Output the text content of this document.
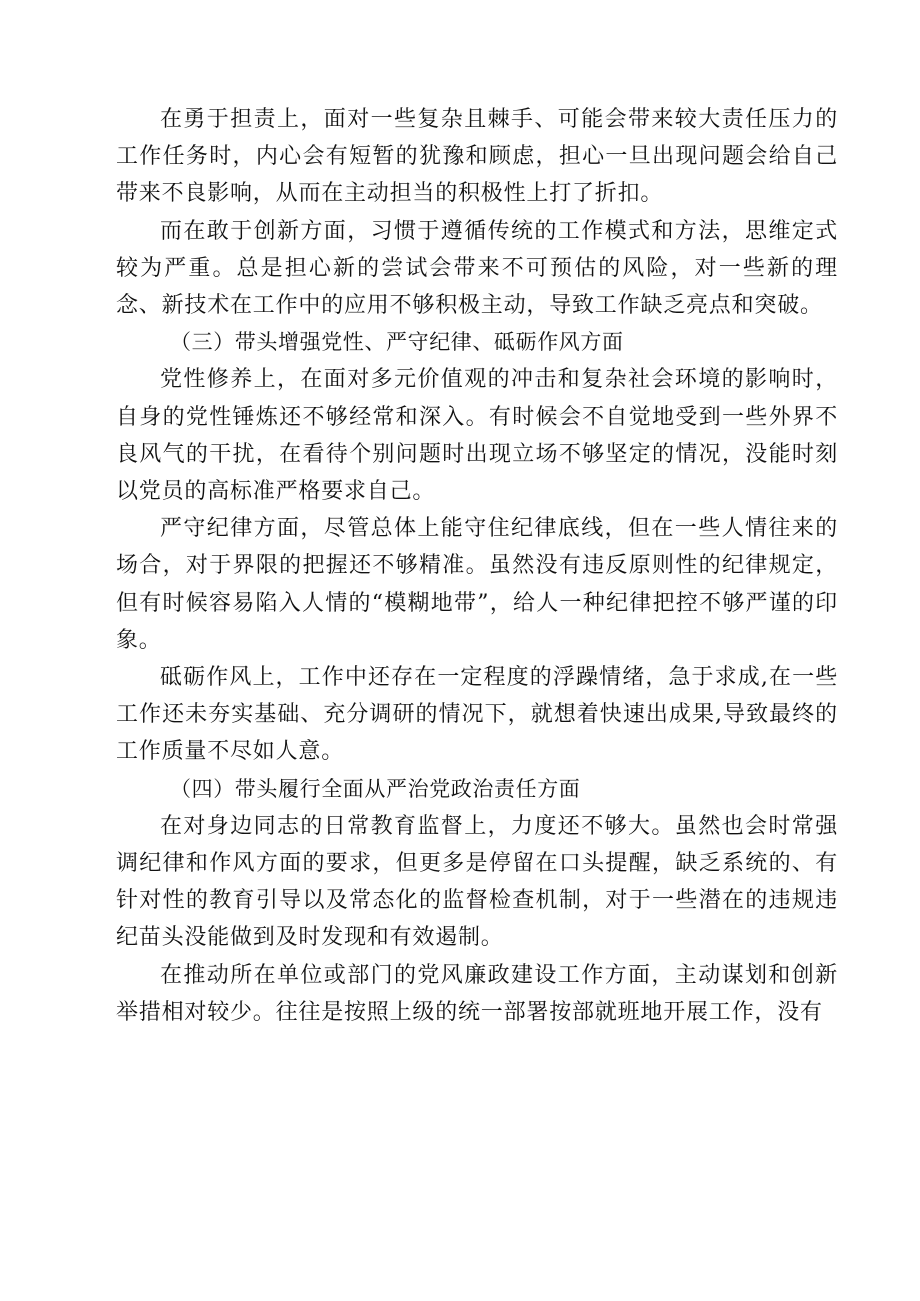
在勇于担责上，面对一些复杂且棘手、可能会带来较大责任压力的工作任务时，内心会有短暂的犹豫和顾虑，担心一旦出现问题会给自己带来不良影响，从而在主动担当的积极性上打了折扣。

而在敢于创新方面，习惯于遵循传统的工作模式和方法，思维定式较为严重。总是担心新的尝试会带来不可预估的风险，对一些新的理念、新技术在工作中的应用不够积极主动，导致工作缺乏亮点和突破。

（三）带头增强党性、严守纪律、砥砺作风方面

党性修养上，在面对多元价值观的冲击和复杂社会环境的影响时，自身的党性锤炼还不够经常和深入。有时候会不自觉地受到一些外界不良风气的干扰，在看待个别问题时出现立场不够坚定的情况，没能时刻以党员的高标准严格要求自己。

严守纪律方面，尽管总体上能守住纪律底线，但在一些人情往来的场合，对于界限的把握还不够精准。虽然没有违反原则性的纪律规定，但有时候容易陷入人情的“模糊地带”，给人一种纪律把控不够严谨的印象。

砥砺作风上，工作中还存在一定程度的浮躁情绪，急于求成,在一些工作还未夯实基础、充分调研的情况下，就想着快速出成果,导致最终的工作质量不尽如人意。

（四）带头履行全面从严治党政治责任方面

在对身边同志的日常教育监督上，力度还不够大。虽然也会时常强调纪律和作风方面的要求，但更多是停留在口头提醒，缺乏系统的、有针对性的教育引导以及常态化的监督检查机制，对于一些潜在的违规违纪苗头没能做到及时发现和有效遏制。

在推动所在单位或部门的党风廉政建设工作方面，主动谋划和创新举措相对较少。往往是按照上级的统一部署按部就班地开展工作，没有
